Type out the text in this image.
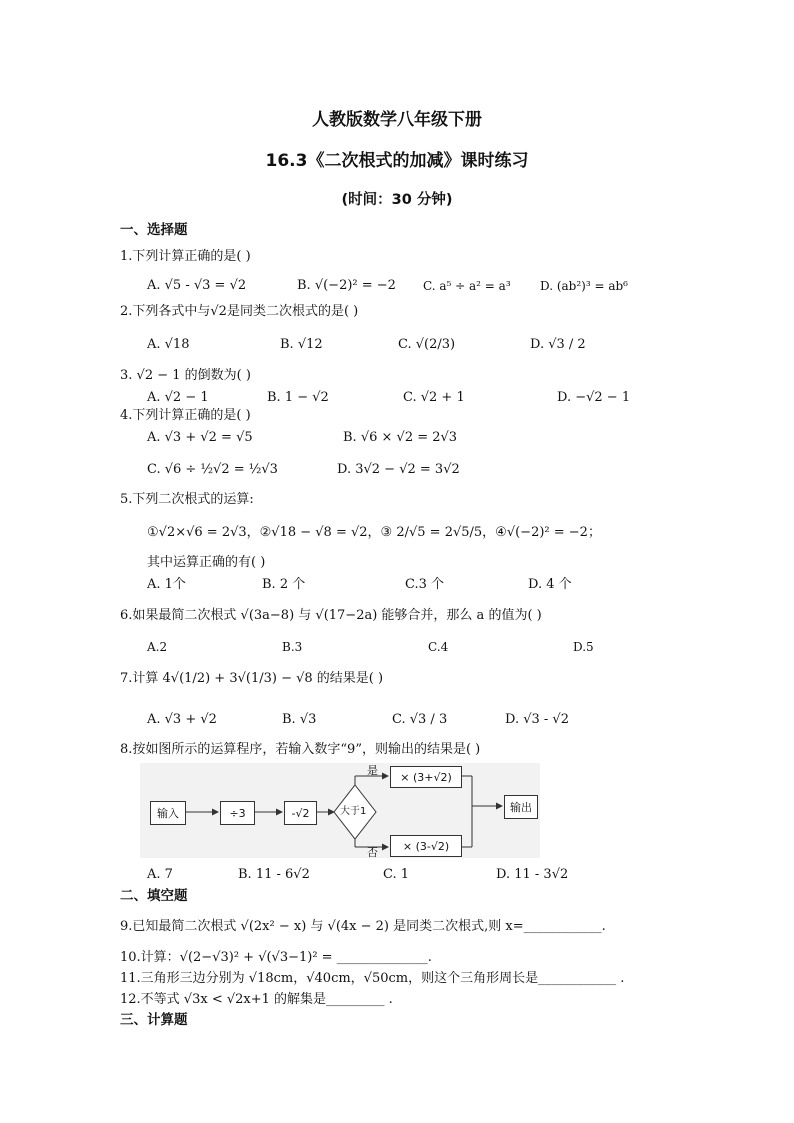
人教版数学八年级下册
16.3《二次根式的加减》课时练习
(时间：30 分钟)
一、选择题
1.下列计算正确的是( )
A. √5 - √3 = √2	B. √(−2)² = −2 C. a⁵ ÷ a² = a³ D. (ab²)³ = ab⁶
2.下列各式中与√2是同类二次根式的是( )
A. √18	B. √12	C. √(2/3)	D. √3 / 2
3. √2 − 1 的倒数为( )
A. √2 − 1	B. 1 − √2	C. √2 + 1	D. −√2 − 1
4.下列计算正确的是( )
A. √3 + √2 = √5	B. √6 × √2 = 2√3
C. √6 ÷ ½√2 = ½√3	D. 3√2 − √2 = 3√2
5.下列二次根式的运算:
①√2×√6 = 2√3，②√18 − √8 = √2，③ 2/√5 = 2√5/5，④√(−2)² = −2；
其中运算正确的有( )
A. 1个	B. 2 个	C.3 个	D. 4 个
6.如果最简二次根式 √(3a−8) 与 √(17−2a) 能够合并，那么 a 的值为( )
A.2	B.3	C.4	D.5
7.计算 4√(1/2) + 3√(1/3) − √8 的结果是( )
A. √3 + √2	B. √3	C. √3 / 3	D. √3 - √2
8.按如图所示的运算程序，若输入数字“9”，则输出的结果是( )
输入	÷3	-√2	大于1
是
否
× (3+√2)
× (3-√2)
输出
A. 7	B. 11 - 6√2	C. 1	D. 11 - 3√2
二、填空题
9.已知最简二次根式 √(2x² − x) 与 √(4x − 2) 是同类二次根式,则 x=____________.
10.计算：√(2−√3)² + √(√3−1)² = ______________.
11.三角形三边分别为 √18cm，√40cm，√50cm，则这个三角形周长是____________ .
12.不等式 √3x < √2x+1 的解集是_________ .
三、计算题
